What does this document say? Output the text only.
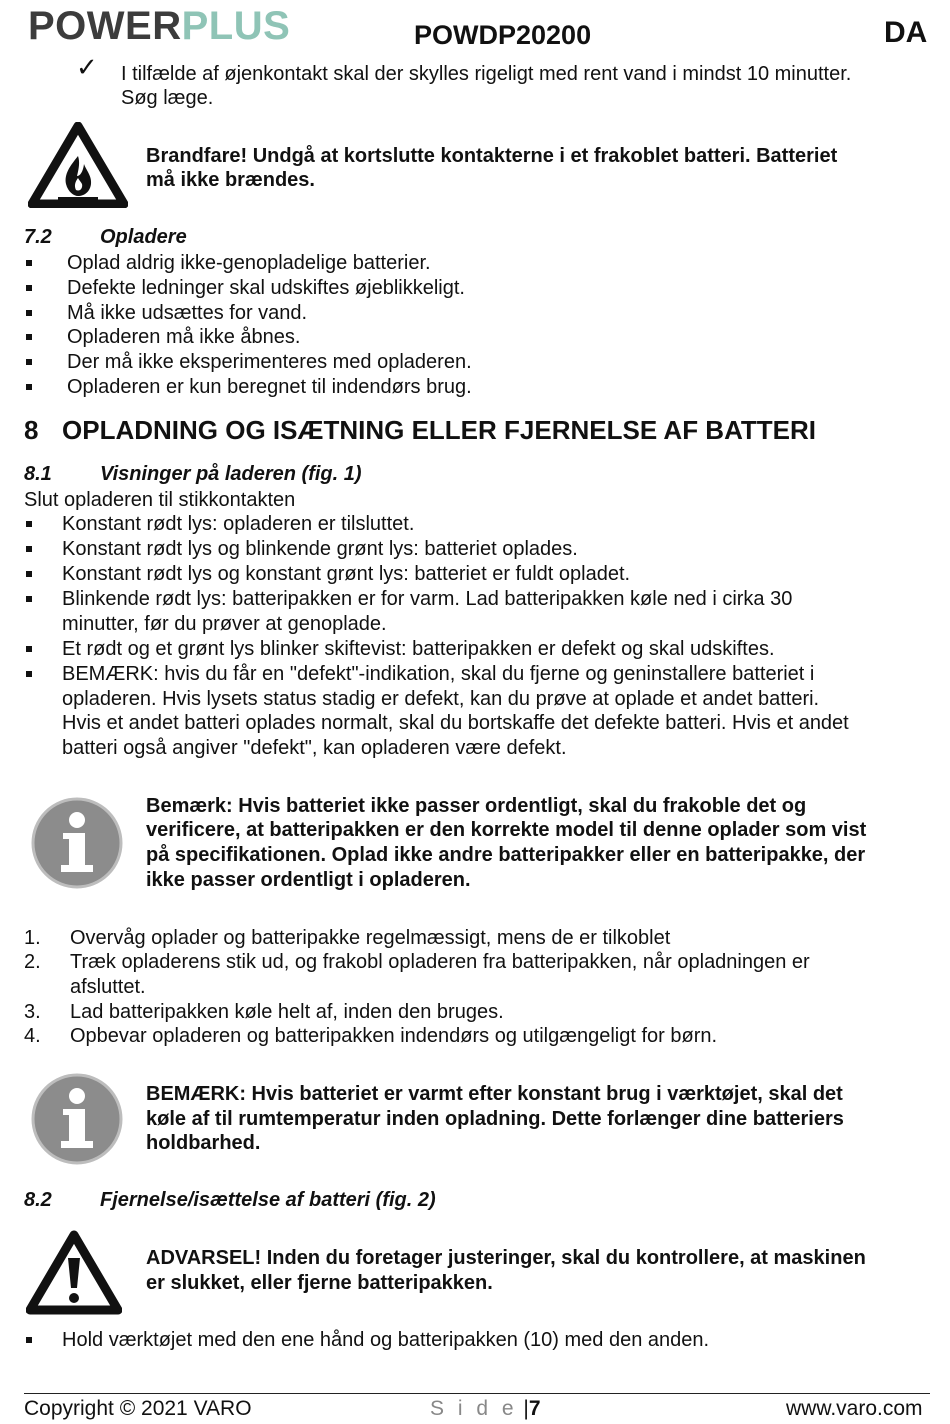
POWERPLUS	POWDP20200	DA
✓ I tilfælde af øjenkontakt skal der skylles rigeligt med rent vand i mindst 10 minutter.
Søg læge.
Brandfare! Undgå at kortslutte kontakterne i et frakoblet batteri. Batteriet
må ikke brændes.
7.2 Opladere
Oplad aldrig ikke-genopladelige batterier.
Defekte ledninger skal udskiftes øjeblikkeligt.
Må ikke udsættes for vand.
Opladeren må ikke åbnes.
Der må ikke eksperimenteres med opladeren.
Opladeren er kun beregnet til indendørs brug.
8 OPLADNING OG ISÆTNING ELLER FJERNELSE AF BATTERI
8.1 Visninger på laderen (fig. 1)
Slut opladeren til stikkontakten
Konstant rødt lys: opladeren er tilsluttet.
Konstant rødt lys og blinkende grønt lys: batteriet oplades.
Konstant rødt lys og konstant grønt lys: batteriet er fuldt opladet.
Blinkende rødt lys: batteripakken er for varm. Lad batteripakken køle ned i cirka 30
minutter, før du prøver at genoplade.
Et rødt og et grønt lys blinker skiftevist: batteripakken er defekt og skal udskiftes.
BEMÆRK: hvis du får en "defekt"-indikation, skal du fjerne og geninstallere batteriet i
opladeren. Hvis lysets status stadig er defekt, kan du prøve at oplade et andet batteri.
Hvis et andet batteri oplades normalt, skal du bortskaffe det defekte batteri. Hvis et andet
batteri også angiver "defekt", kan opladeren være defekt.
Bemærk: Hvis batteriet ikke passer ordentligt, skal du frakoble det og
verificere, at batteripakken er den korrekte model til denne oplader som vist
på specifikationen. Oplad ikke andre batteripakker eller en batteripakke, der
ikke passer ordentligt i opladeren.
1. Overvåg oplader og batteripakke regelmæssigt, mens de er tilkoblet
2. Træk opladerens stik ud, og frakobl opladeren fra batteripakken, når opladningen er
afsluttet.
3. Lad batteripakken køle helt af, inden den bruges.
4. Opbevar opladeren og batteripakken indendørs og utilgængeligt for børn.
BEMÆRK: Hvis batteriet er varmt efter konstant brug i værktøjet, skal det
køle af til rumtemperatur inden opladning. Dette forlænger dine batteriers
holdbarhed.
8.2 Fjernelse/isættelse af batteri (fig. 2)
ADVARSEL! Inden du foretager justeringer, skal du kontrollere, at maskinen
er slukket, eller fjerne batteripakken.
Hold værktøjet med den ene hånd og batteripakken (10) med den anden.
Copyright © 2021 VARO	S i d e |7	www.varo.com
